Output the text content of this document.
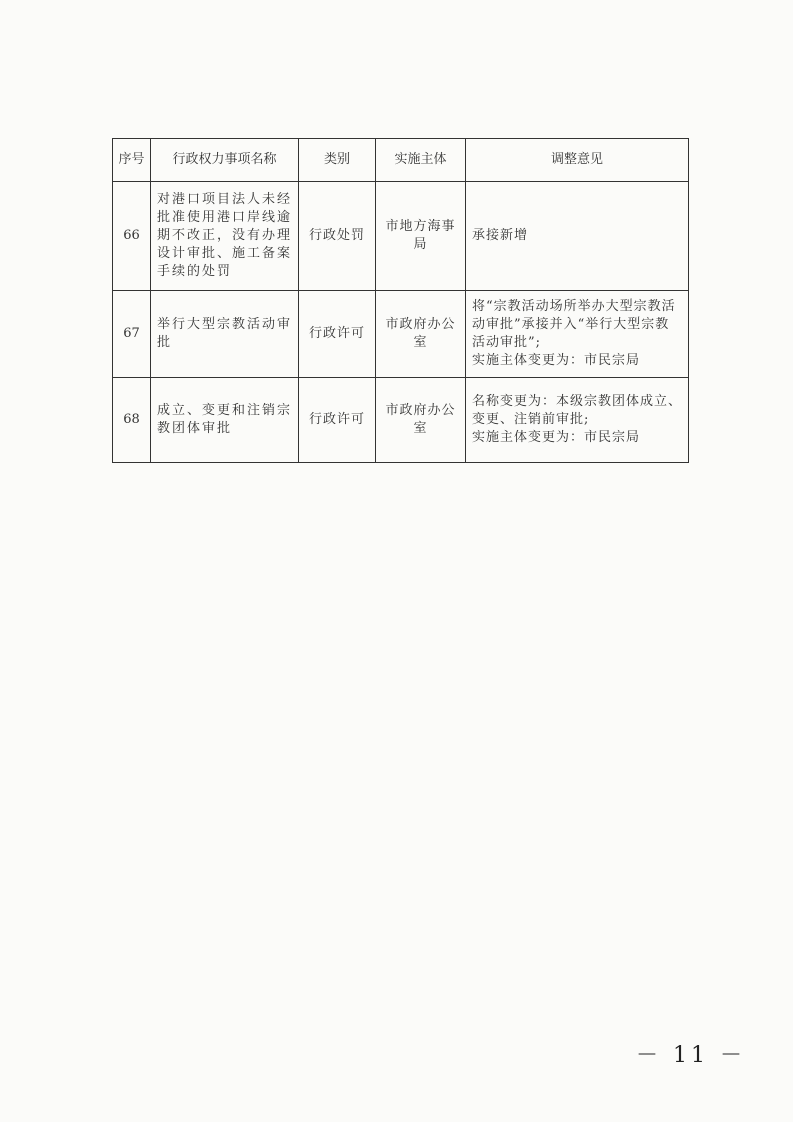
序号	行政权力事项名称	类别	实施主体	调整意见
66	对港口项目法人未经批准使用港口岸线逾期不改正，没有办理设计审批、施工备案手续的处罚	行政处罚	市地方海事局	承接新增
67	举行大型宗教活动审批	行政许可	市政府办公室	将“宗教活动场所举办大型宗教活动审批”承接并入“举行大型宗教活动审批”;
实施主体变更为：市民宗局
68	成立、变更和注销宗教团体审批	行政许可	市政府办公室	名称变更为：本级宗教团体成立、变更、注销前审批;
实施主体变更为：市民宗局
－ 11 －
